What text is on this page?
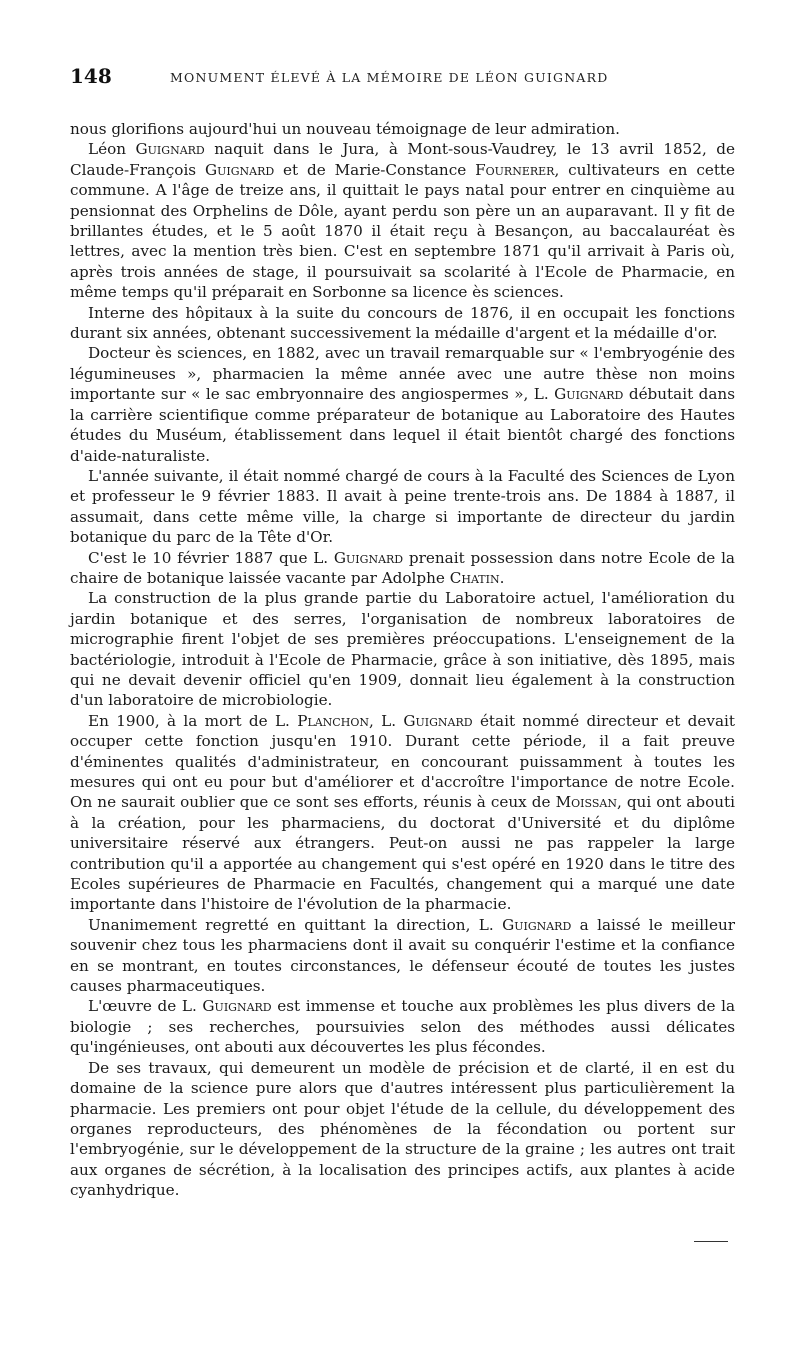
148	MONUMENT ÉLEVÉ À LA MÉMOIRE DE LÉON GUIGNARD

nous glorifions aujourd'hui un nouveau témoignage de leur admiration.

Léon Guignard naquit dans le Jura, à Mont-sous-Vaudrey, le 13 avril 1852, de Claude-François Guignard et de Marie-Constance Fournerer, cultivateurs en cette commune. A l'âge de treize ans, il quittait le pays natal pour entrer en cinquième au pensionnat des Orphelins de Dôle, ayant perdu son père un an auparavant. Il y fit de brillantes études, et le 5 août 1870 il était reçu à Besançon, au baccalauréat ès lettres, avec la mention très bien. C'est en septembre 1871 qu'il arrivait à Paris où, après trois années de stage, il poursuivait sa scolarité à l'Ecole de Pharmacie, en même temps qu'il préparait en Sorbonne sa licence ès sciences.

Interne des hôpitaux à la suite du concours de 1876, il en occupait les fonctions durant six années, obtenant successivement la médaille d'argent et la médaille d'or.

Docteur ès sciences, en 1882, avec un travail remarquable sur « l'embryogénie des légumineuses », pharmacien la même année avec une autre thèse non moins importante sur « le sac embryonnaire des angiospermes », L. Guignard débutait dans la carrière scientifique comme préparateur de botanique au Laboratoire des Hautes études du Muséum, établissement dans lequel il était bientôt chargé des fonctions d'aide-naturaliste.

L'année suivante, il était nommé chargé de cours à la Faculté des Sciences de Lyon et professeur le 9 février 1883. Il avait à peine trente-trois ans. De 1884 à 1887, il assumait, dans cette même ville, la charge si importante de directeur du jardin botanique du parc de la Tête d'Or.

C'est le 10 février 1887 que L. Guignard prenait possession dans notre Ecole de la chaire de botanique laissée vacante par Adolphe Chatin.

La construction de la plus grande partie du Laboratoire actuel, l'amélioration du jardin botanique et des serres, l'organisation de nombreux laboratoires de micrographie firent l'objet de ses premières préoccupations. L'enseignement de la bactériologie, introduit à l'Ecole de Pharmacie, grâce à son initiative, dès 1895, mais qui ne devait devenir officiel qu'en 1909, donnait lieu également à la construction d'un laboratoire de microbiologie.

En 1900, à la mort de L. Planchon, L. Guignard était nommé directeur et devait occuper cette fonction jusqu'en 1910. Durant cette période, il a fait preuve d'éminentes qualités d'administrateur, en concourant puissamment à toutes les mesures qui ont eu pour but d'améliorer et d'accroître l'importance de notre Ecole. On ne saurait oublier que ce sont ses efforts, réunis à ceux de Moissan, qui ont abouti à la création, pour les pharmaciens, du doctorat d'Université et du diplôme universitaire réservé aux étrangers. Peut-on aussi ne pas rappeler la large contribution qu'il a apportée au changement qui s'est opéré en 1920 dans le titre des Ecoles supérieures de Pharmacie en Facultés, changement qui a marqué une date importante dans l'histoire de l'évolution de la pharmacie.

Unanimement regretté en quittant la direction, L. Guignard a laissé le meilleur souvenir chez tous les pharmaciens dont il avait su conquérir l'estime et la confiance en se montrant, en toutes circonstances, le défenseur écouté de toutes les justes causes pharmaceutiques.

L'œuvre de L. Guignard est immense et touche aux problèmes les plus divers de la biologie ; ses recherches, poursuivies selon des méthodes aussi délicates qu'ingénieuses, ont abouti aux découvertes les plus fécondes.

De ses travaux, qui demeurent un modèle de précision et de clarté, il en est du domaine de la science pure alors que d'autres intéressent plus particulièrement la pharmacie. Les premiers ont pour objet l'étude de la cellule, du développement des organes reproducteurs, des phénomènes de la fécondation ou portent sur l'embryogénie, sur le développement de la structure de la graine ; les autres ont trait aux organes de sécrétion, à la localisation des principes actifs, aux plantes à acide cyanhydrique.
